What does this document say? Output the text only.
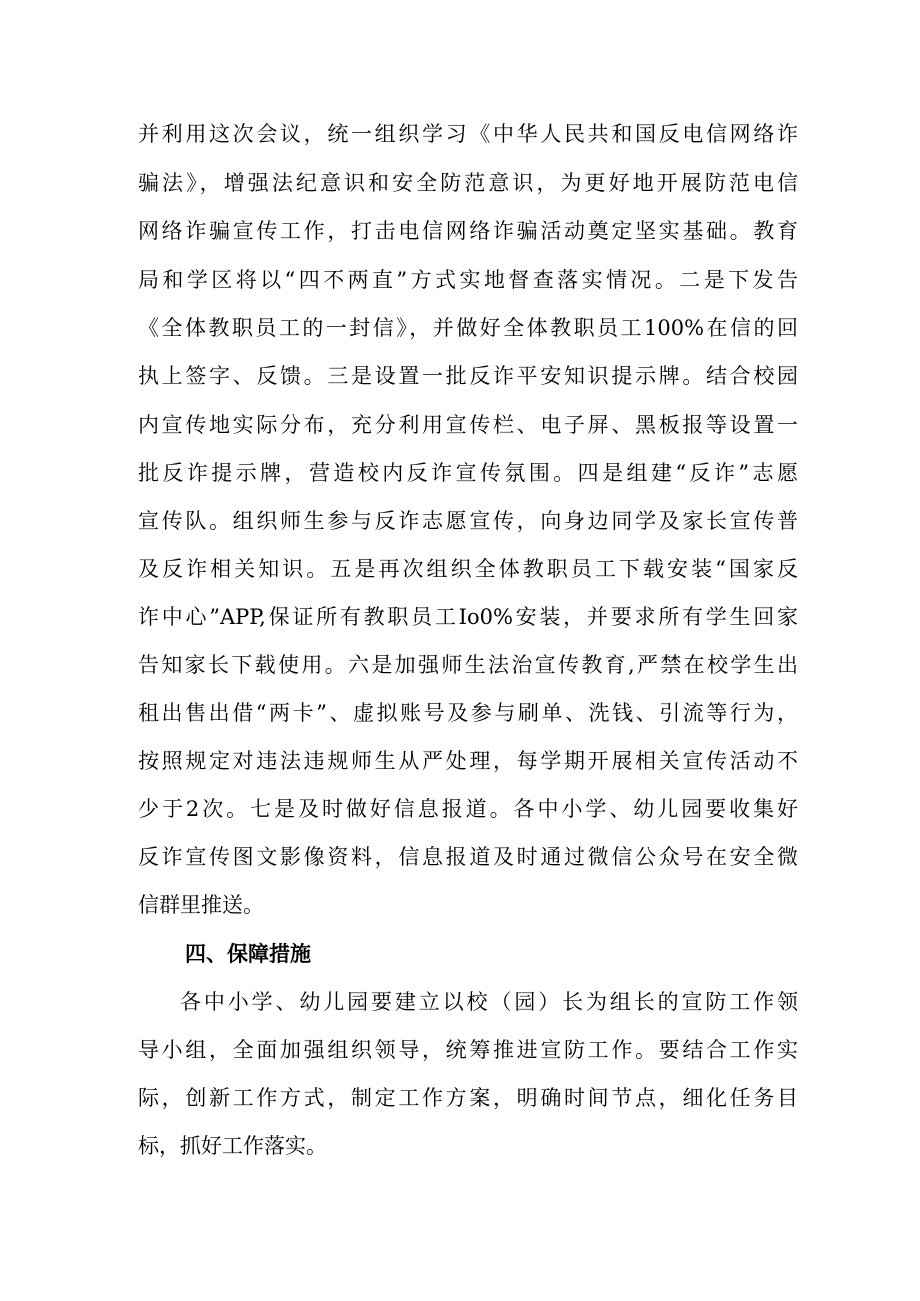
并利用这次会议，统一组织学习《中华人民共和国反电信网络诈
骗法》，增强法纪意识和安全防范意识，为更好地开展防范电信
网络诈骗宣传工作，打击电信网络诈骗活动奠定坚实基础。教育
局和学区将以“四不两直”方式实地督查落实情况。二是下发告
《全体教职员工的一封信》，并做好全体教职员工100%在信的回
执上签字、反馈。三是设置一批反诈平安知识提示牌。结合校园
内宣传地实际分布，充分利用宣传栏、电子屏、黑板报等设置一
批反诈提示牌，营造校内反诈宣传氛围。四是组建“反诈”志愿
宣传队。组织师生参与反诈志愿宣传，向身边同学及家长宣传普
及反诈相关知识。五是再次组织全体教职员工下载安装“国家反
诈中心”APP,保证所有教职员工Io0%安装，并要求所有学生回家
告知家长下载使用。六是加强师生法治宣传教育,严禁在校学生出
租出售出借“两卡”、虚拟账号及参与刷单、洗钱、引流等行为，
按照规定对违法违规师生从严处理，每学期开展相关宣传活动不
少于2次。七是及时做好信息报道。各中小学、幼儿园要收集好
反诈宣传图文影像资料，信息报道及时通过微信公众号在安全微
信群里推送。
四、保障措施
各中小学、幼儿园要建立以校（园）长为组长的宣防工作领
导小组，全面加强组织领导，统筹推进宣防工作。要结合工作实
际，创新工作方式，制定工作方案，明确时间节点，细化任务目
标，抓好工作落实。
